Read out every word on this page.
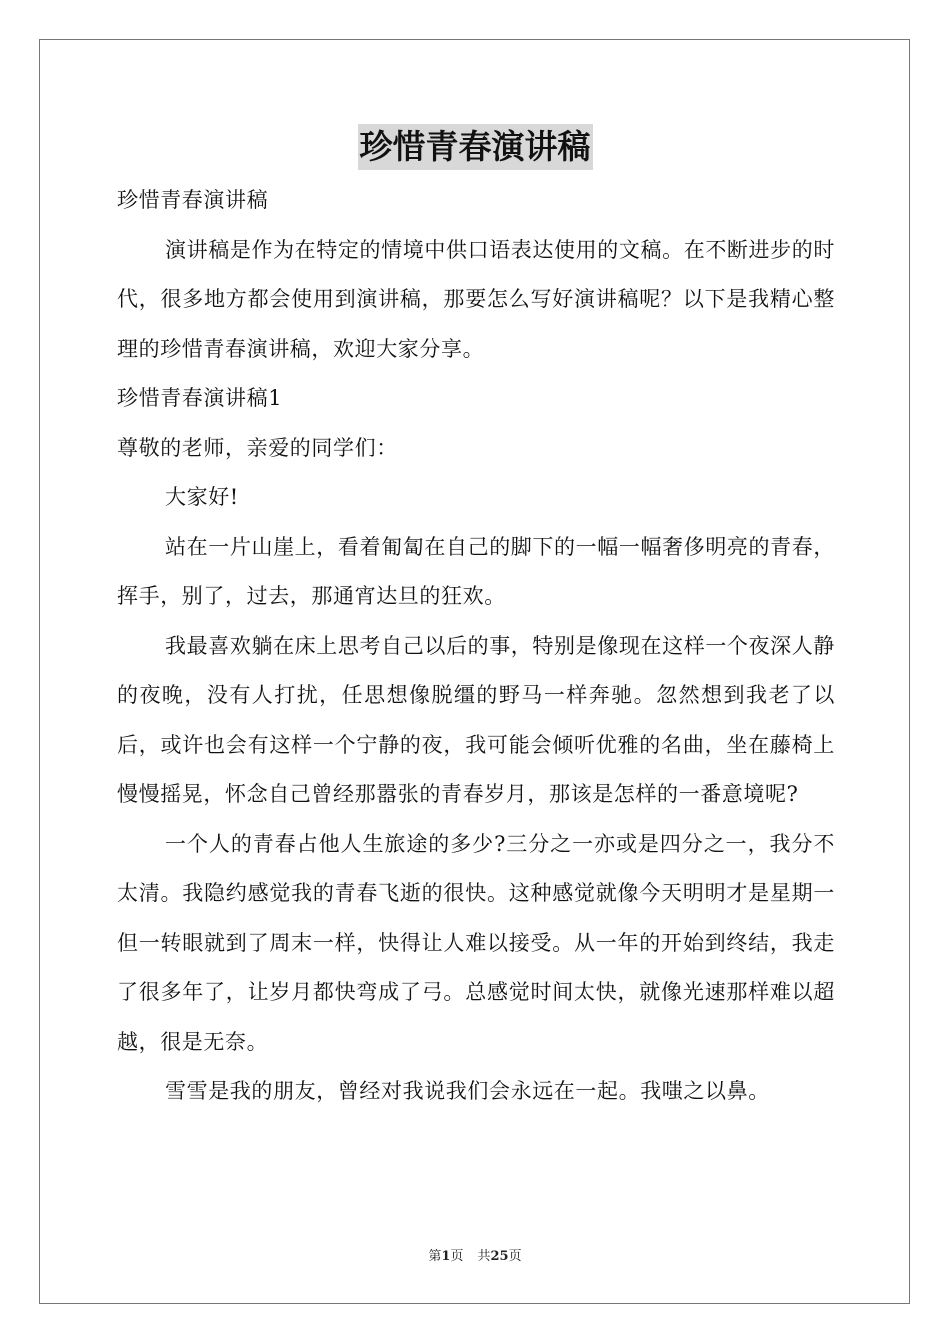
珍惜青春演讲稿

珍惜青春演讲稿

演讲稿是作为在特定的情境中供口语表达使用的文稿。在不断进步的时代，很多地方都会使用到演讲稿，那要怎么写好演讲稿呢？以下是我精心整理的珍惜青春演讲稿，欢迎大家分享。

珍惜青春演讲稿1

尊敬的老师，亲爱的同学们：

大家好!

站在一片山崖上，看着匍匐在自己的脚下的一幅一幅奢侈明亮的青春，挥手，别了，过去，那通宵达旦的狂欢。

我最喜欢躺在床上思考自己以后的事，特别是像现在这样一个夜深人静的夜晚，没有人打扰，任思想像脱缰的野马一样奔驰。忽然想到我老了以后，或许也会有这样一个宁静的夜，我可能会倾听优雅的名曲，坐在藤椅上慢慢摇晃，怀念自己曾经那嚣张的青春岁月，那该是怎样的一番意境呢?

一个人的青春占他人生旅途的多少?三分之一亦或是四分之一，我分不太清。我隐约感觉我的青春飞逝的很快。这种感觉就像今天明明才是星期一但一转眼就到了周末一样，快得让人难以接受。从一年的开始到终结，我走了很多年了，让岁月都快弯成了弓。总感觉时间太快，就像光速那样难以超越，很是无奈。

雪雪是我的朋友，曾经对我说我们会永远在一起。我嗤之以鼻。

第1页 共25页
